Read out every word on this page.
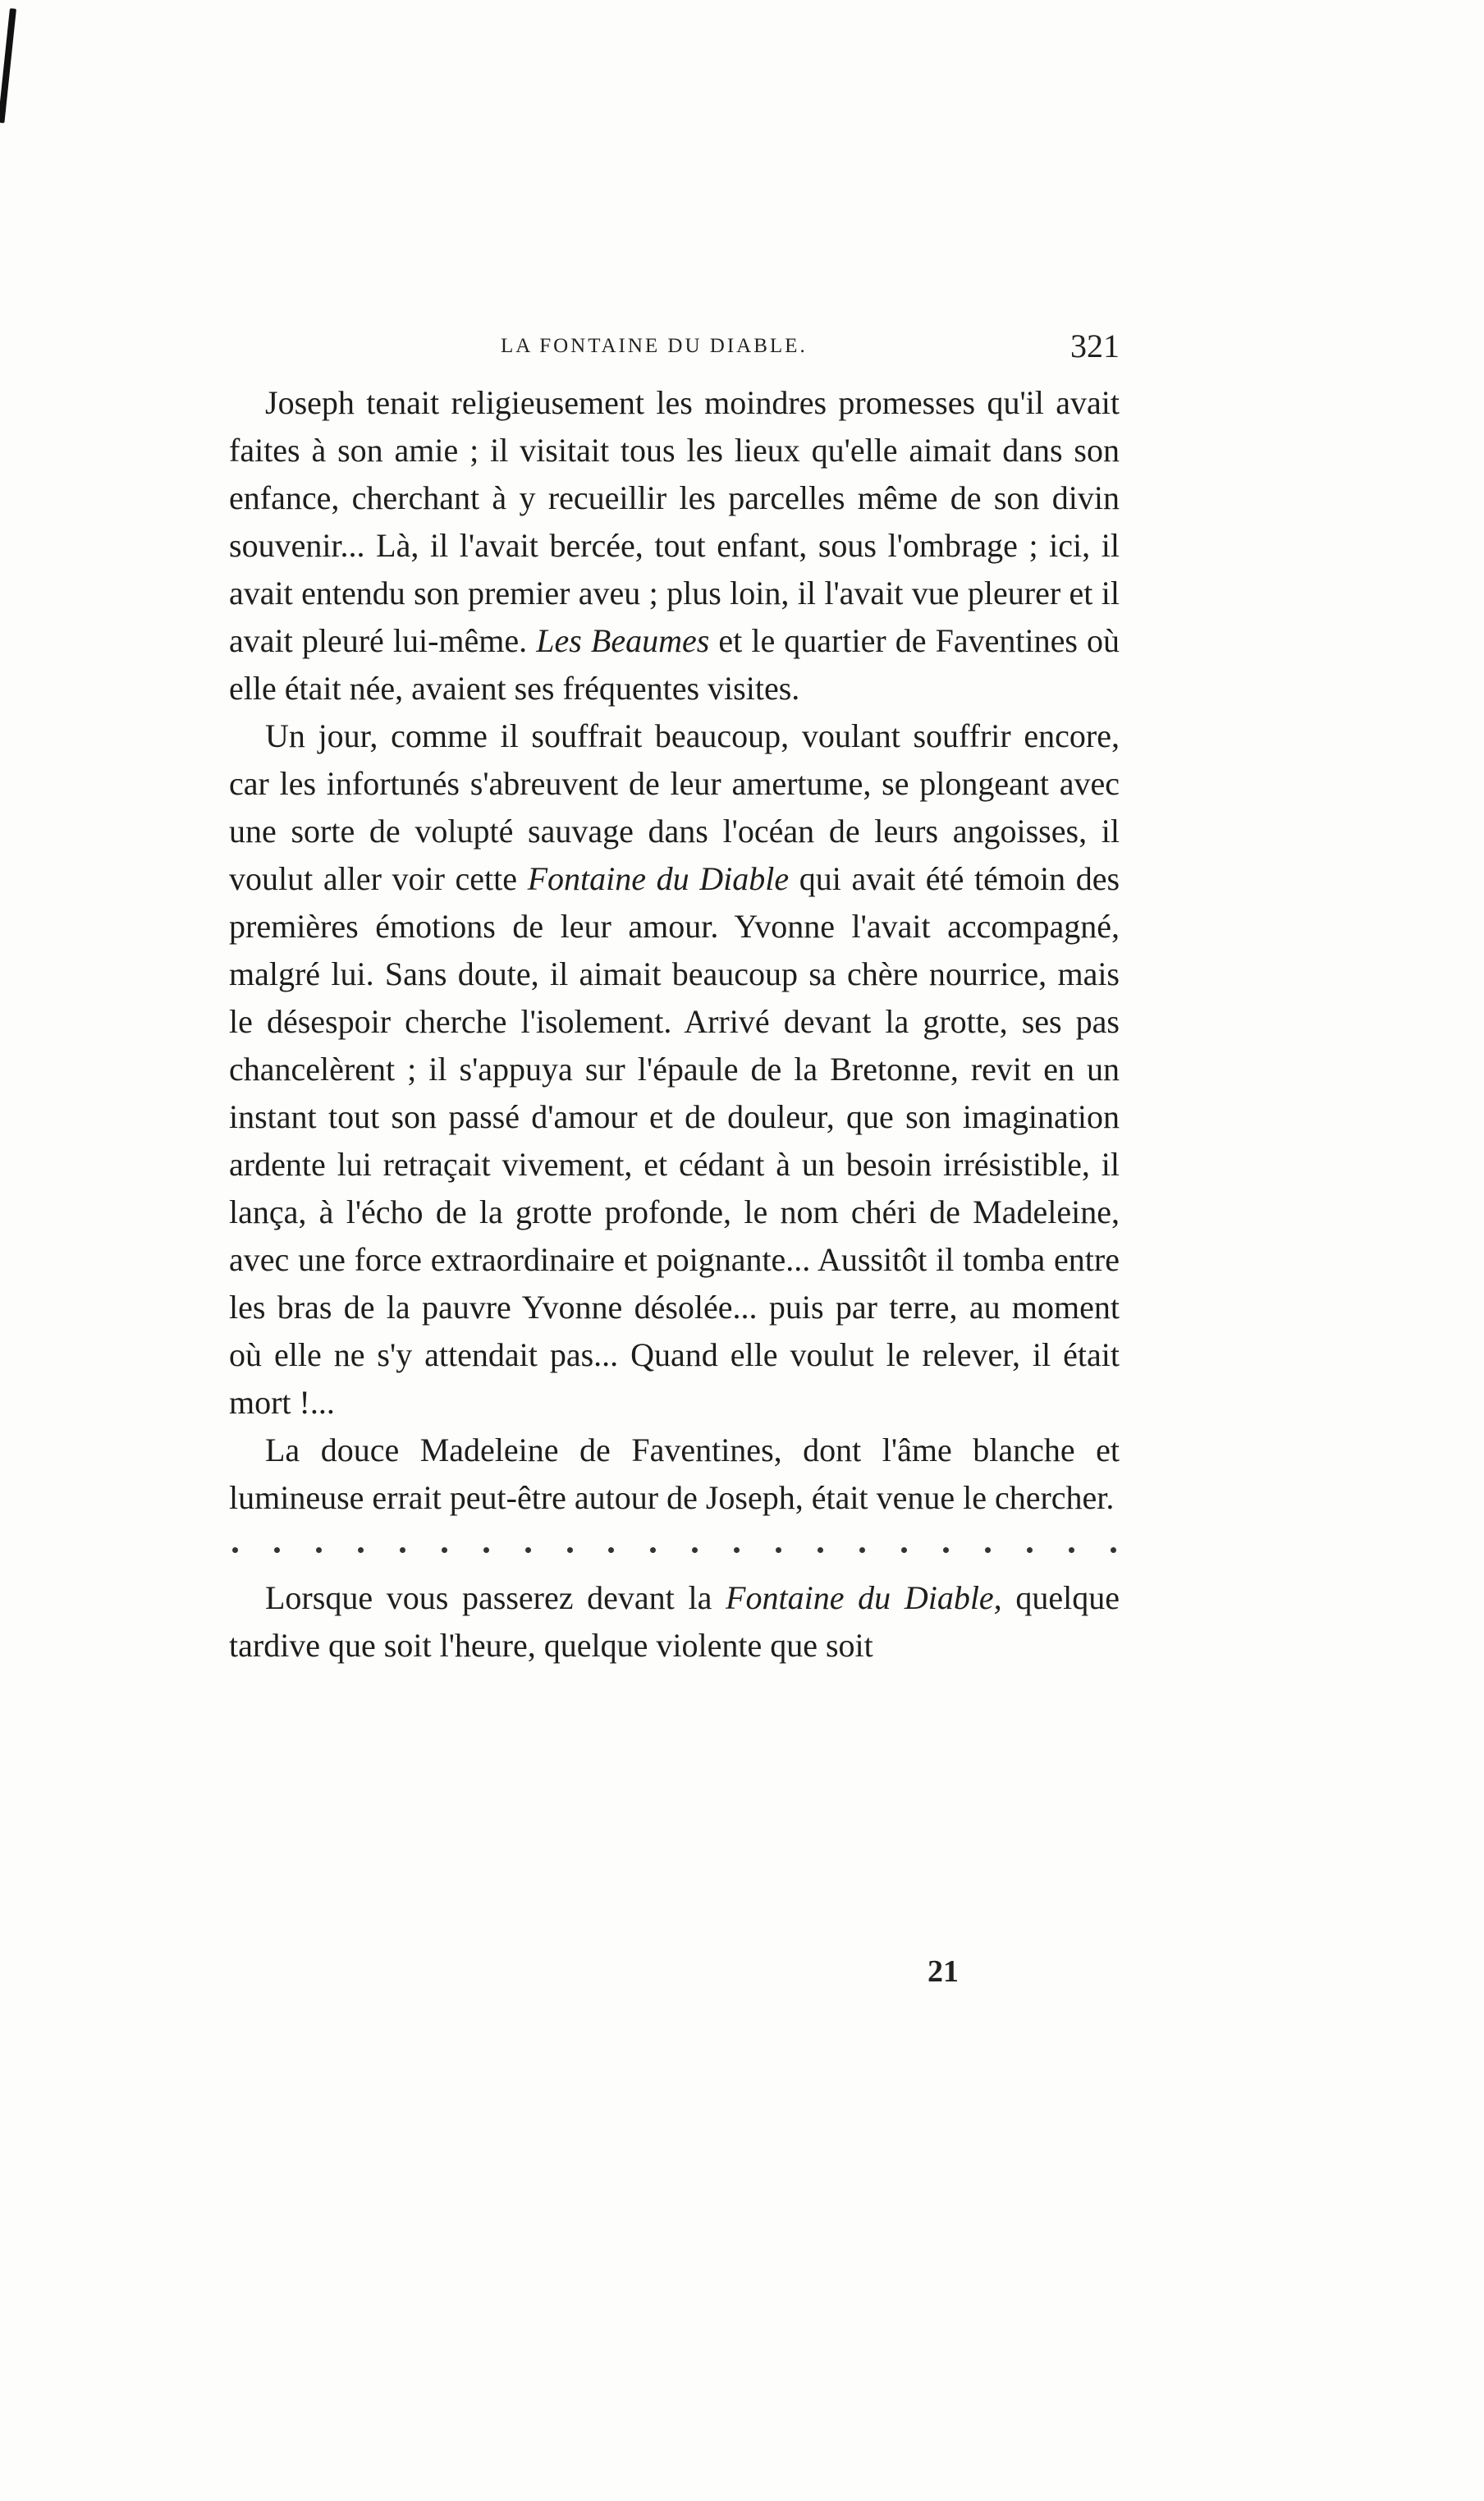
LA FONTAINE DU DIABLE.	321

Joseph tenait religieusement les moindres promesses qu'il avait faites à son amie ; il visitait tous les lieux qu'elle aimait dans son enfance, cherchant à y recueillir les parcelles même de son divin souvenir... Là, il l'avait bercée, tout enfant, sous l'ombrage ; ici, il avait entendu son premier aveu ; plus loin, il l'avait vue pleurer et il avait pleuré lui-même. Les Beaumes et le quartier de Faventines où elle était née, avaient ses fréquentes visites.

Un jour, comme il souffrait beaucoup, voulant souffrir encore, car les infortunés s'abreuvent de leur amertume, se plongeant avec une sorte de volupté sauvage dans l'océan de leurs angoisses, il voulut aller voir cette Fontaine du Diable qui avait été témoin des premières émotions de leur amour. Yvonne l'avait accompagné, malgré lui. Sans doute, il aimait beaucoup sa chère nourrice, mais le désespoir cherche l'isolement. Arrivé devant la grotte, ses pas chancelèrent ; il s'appuya sur l'épaule de la Bretonne, revit en un instant tout son passé d'amour et de douleur, que son imagination ardente lui retraçait vivement, et cédant à un besoin irrésistible, il lança, à l'écho de la grotte profonde, le nom chéri de Madeleine, avec une force extraordinaire et poignante... Aussitôt il tomba entre les bras de la pauvre Yvonne désolée... puis par terre, au moment où elle ne s'y attendait pas... Quand elle voulut le relever, il était mort !...

La douce Madeleine de Faventines, dont l'âme blanche et lumineuse errait peut-être autour de Joseph, était venue le chercher.

Lorsque vous passerez devant la Fontaine du Diable, quelque tardive que soit l'heure, quelque violente que soit

21
